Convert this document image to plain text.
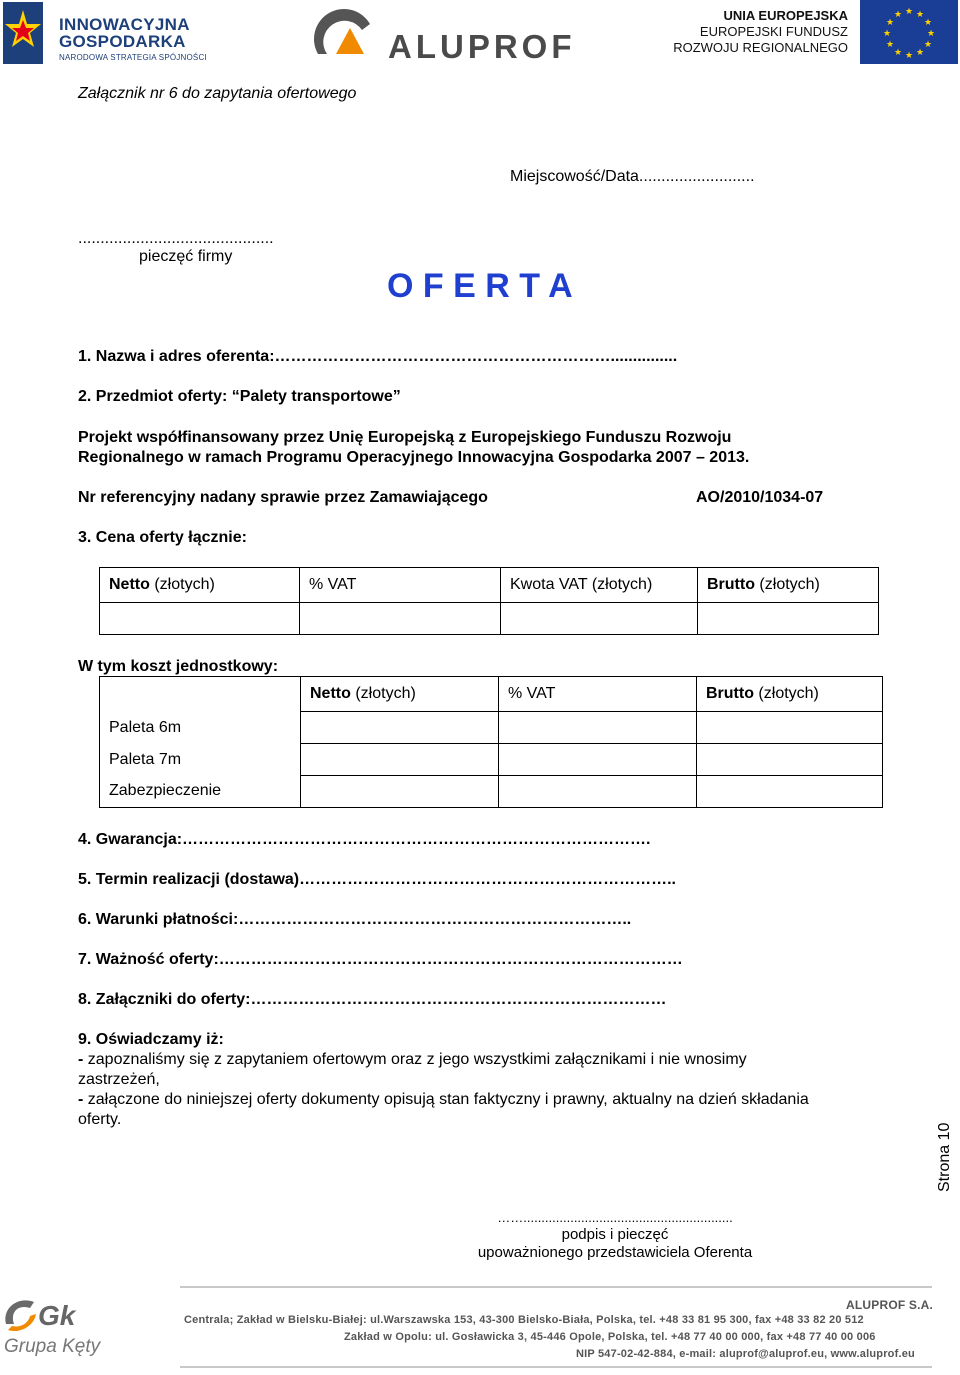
INNOWACYJNA
GOSPODARKA
NARODOWA STRATEGIA SPÓJNOŚCI	ALUPROF
UNIA EUROPEJSKA
EUROPEJSKI FUNDUSZ
ROZWOJU REGIONALNEGO
★ ★
★
★
★
★
★
★
★
★
★
★
Załącznik nr 6 do zapytania ofertowego
Miejscowość/Data..........................
............................................
pieczęć firmy
O F E R T A
1. Nazwa i adres oferenta:………………………………………………………...............
2. Przedmiot oferty: “Palety transportowe”
Projekt współfinansowany przez Unię Europejską z Europejskiego Funduszu Rozwoju
Regionalnego w ramach Programu Operacyjnego Innowacyjna Gospodarka 2007 – 2013.
Nr referencyjny nadany sprawie przez Zamawiającego	AO/2010/1034-07
3. Cena oferty łącznie:
Netto (złotych)	% VAT	Kwota VAT (złotych)	Brutto (złotych)

W tym koszt jednostkowy:
	Netto (złotych)	% VAT	Brutto (złotych)
Paleta 6m			
Paleta 7m			
Zabezpieczenie			
4. Gwarancja:…………………………………………………………………………….
5. Termin realizacji (dostawa)……………………………………………………………..
6. Warunki płatności:………………………………………………………………..
7. Ważność oferty:……………………………………………………………………………
8. Załączniki do oferty:……………………………………………………………………
9. Oświadczamy iż:
- zapoznaliśmy się z zapytaniem ofertowym oraz z jego wszystkimi załącznikami i nie wnosimy
zastrzeżeń,
- załączone do niniejszej oferty dokumenty opisują stan faktyczny i prawny, aktualny na dzień składania
oferty.
Strona 10
……..........................................................
podpis i pieczęć
upoważnionego przedstawiciela Oferenta
Gk
Grupa Kęty
ALUPROF S.A.
Centrala; Zakład w Bielsku-Białej: ul.Warszawska 153, 43-300 Bielsko-Biała, Polska, tel. +48 33 81 95 300, fax +48 33 82 20 512
Zakład w Opolu: ul. Gosławicka 3, 45-446 Opole, Polska, tel. +48 77 40 00 000, fax +48 77 40 00 006
NIP 547-02-42-884, e-mail: aluprof@aluprof.eu, www.aluprof.eu
